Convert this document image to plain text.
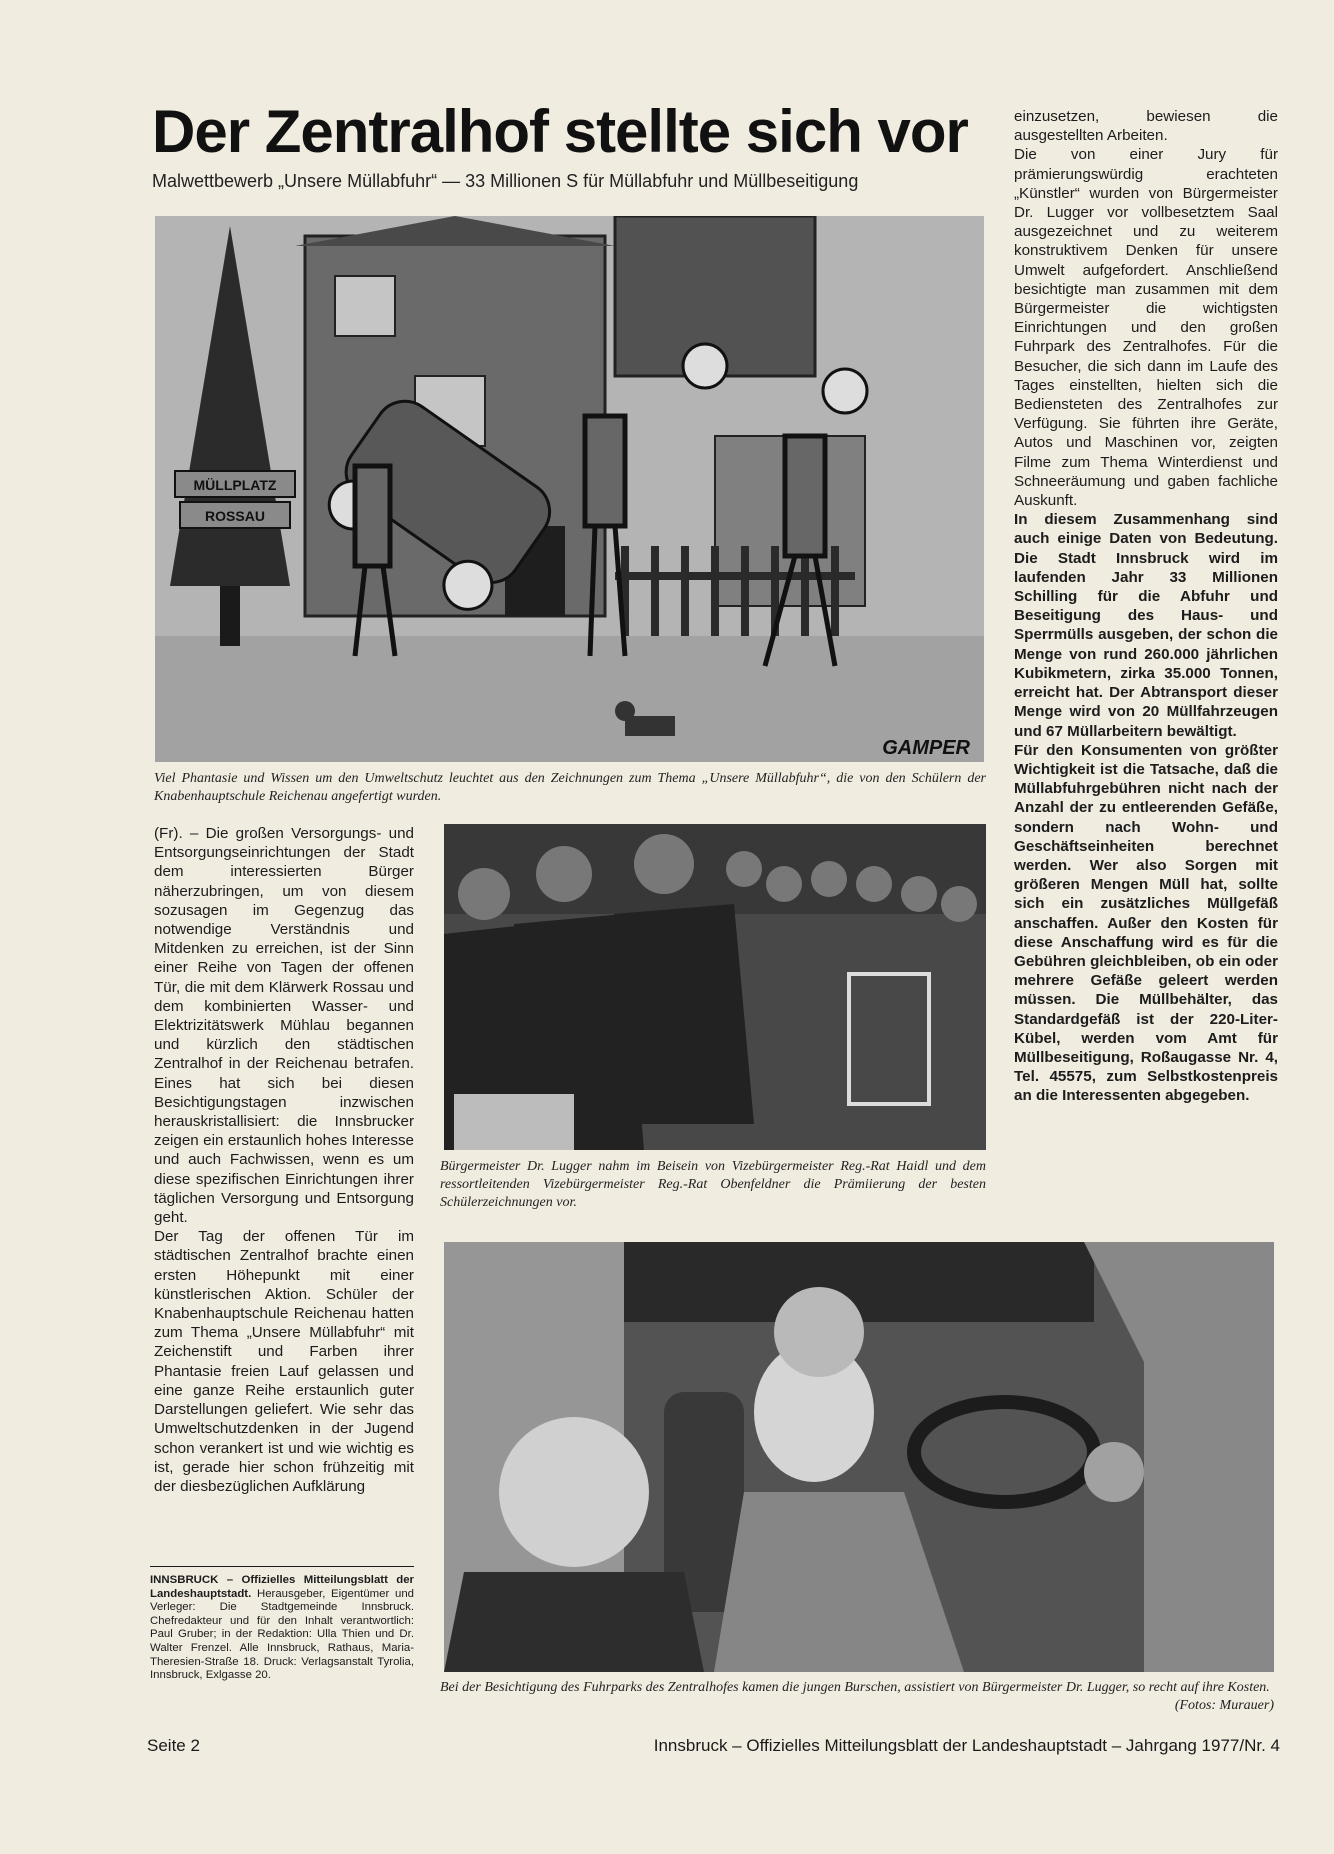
Der Zentralhof stellte sich vor

Malwettbewerb „Unsere Müllabfuhr“ — 33 Millionen S für Müllabfuhr und Müllbeseitigung

MÜLLPLATZ
ROSSAU
GAMPER

Viel Phantasie und Wissen um den Umweltschutz leuchtet aus den Zeichnungen zum Thema „Unsere Müllabfuhr“, die von den Schülern der Knabenhauptschule Reichenau angefertigt wurden.

(Fr). – Die großen Versorgungs- und Entsorgungseinrichtungen der Stadt dem interessierten Bürger näherzubringen, um von diesem sozusagen im Gegenzug das notwendige Verständnis und Mitdenken zu erreichen, ist der Sinn einer Reihe von Tagen der offenen Tür, die mit dem Klärwerk Rossau und dem kombinierten Wasser- und Elektrizitätswerk Mühlau begannen und kürzlich den städtischen Zentralhof in der Reichenau betrafen. Eines hat sich bei diesen Besichtigungstagen inzwischen herauskristallisiert: die Innsbrucker zeigen ein erstaunlich hohes Interesse und auch Fachwissen, wenn es um diese spezifischen Einrichtungen ihrer täglichen Versorgung und Entsorgung geht.

Der Tag der offenen Tür im städtischen Zentralhof brachte einen ersten Höhepunkt mit einer künstlerischen Aktion. Schüler der Knabenhauptschule Reichenau hatten zum Thema „Unsere Müllabfuhr“ mit Zeichenstift und Farben ihrer Phantasie freien Lauf gelassen und eine ganze Reihe erstaunlich guter Darstellungen geliefert. Wie sehr das Umweltschutzdenken in der Jugend schon verankert ist und wie wichtig es ist, gerade hier schon frühzeitig mit der diesbezüglichen Aufklärung

Bürgermeister Dr. Lugger nahm im Beisein von Vizebürgermeister Reg.-Rat Haidl und dem ressortleitenden Vizebürgermeister Reg.-Rat Obenfeldner die Prämiierung der besten Schülerzeichnungen vor.

einzusetzen, bewiesen die ausgestellten Arbeiten.

Die von einer Jury für prämierungswürdig erachteten „Künstler“ wurden von Bürgermeister Dr. Lugger vor vollbesetztem Saal ausgezeichnet und zu weiterem konstruktivem Denken für unsere Umwelt aufgefordert. Anschließend besichtigte man zusammen mit dem Bürgermeister die wichtigsten Einrichtungen und den großen Fuhrpark des Zentralhofes. Für die Besucher, die sich dann im Laufe des Tages einstellten, hielten sich die Bediensteten des Zentralhofes zur Verfügung. Sie führten ihre Geräte, Autos und Maschinen vor, zeigten Filme zum Thema Winterdienst und Schneeräumung und gaben fachliche Auskunft.

In diesem Zusammenhang sind auch einige Daten von Bedeutung. Die Stadt Innsbruck wird im laufenden Jahr 33 Millionen Schilling für die Abfuhr und Beseitigung des Haus- und Sperrmülls ausgeben, der schon die Menge von rund 260.000 jährlichen Kubikmetern, zirka 35.000 Tonnen, erreicht hat. Der Abtransport dieser Menge wird von 20 Müllfahrzeugen und 67 Müllarbeitern bewältigt.

Für den Konsumenten von größter Wichtigkeit ist die Tatsache, daß die Müllabfuhrgebühren nicht nach der Anzahl der zu entleerenden Gefäße, sondern nach Wohn- und Geschäftseinheiten berechnet werden. Wer also Sorgen mit größeren Mengen Müll hat, sollte sich ein zusätzliches Müllgefäß anschaffen. Außer den Kosten für diese Anschaffung wird es für die Gebühren gleichbleiben, ob ein oder mehrere Gefäße geleert werden müssen. Die Müllbehälter, das Standardgefäß ist der 220-Liter-Kübel, werden vom Amt für Müllbeseitigung, Roßaugasse Nr. 4, Tel. 45575, zum Selbstkostenpreis an die Interessenten abgegeben.

Bei der Besichtigung des Fuhrparks des Zentralhofes kamen die jungen Burschen, assistiert von Bürgermeister Dr. Lugger, so recht auf ihre Kosten.
(Fotos: Murauer)

INNSBRUCK – Offizielles Mitteilungsblatt der Landeshauptstadt. Herausgeber, Eigentümer und Verleger: Die Stadtgemeinde Innsbruck. Chefredakteur und für den Inhalt verantwortlich: Paul Gruber; in der Redaktion: Ulla Thien und Dr. Walter Frenzel. Alle Innsbruck, Rathaus, Maria-Theresien-Straße 18. Druck: Verlagsanstalt Tyrolia, Innsbruck, Exlgasse 20.

Seite 2	Innsbruck – Offizielles Mitteilungsblatt der Landeshauptstadt – Jahrgang 1977/Nr. 4
